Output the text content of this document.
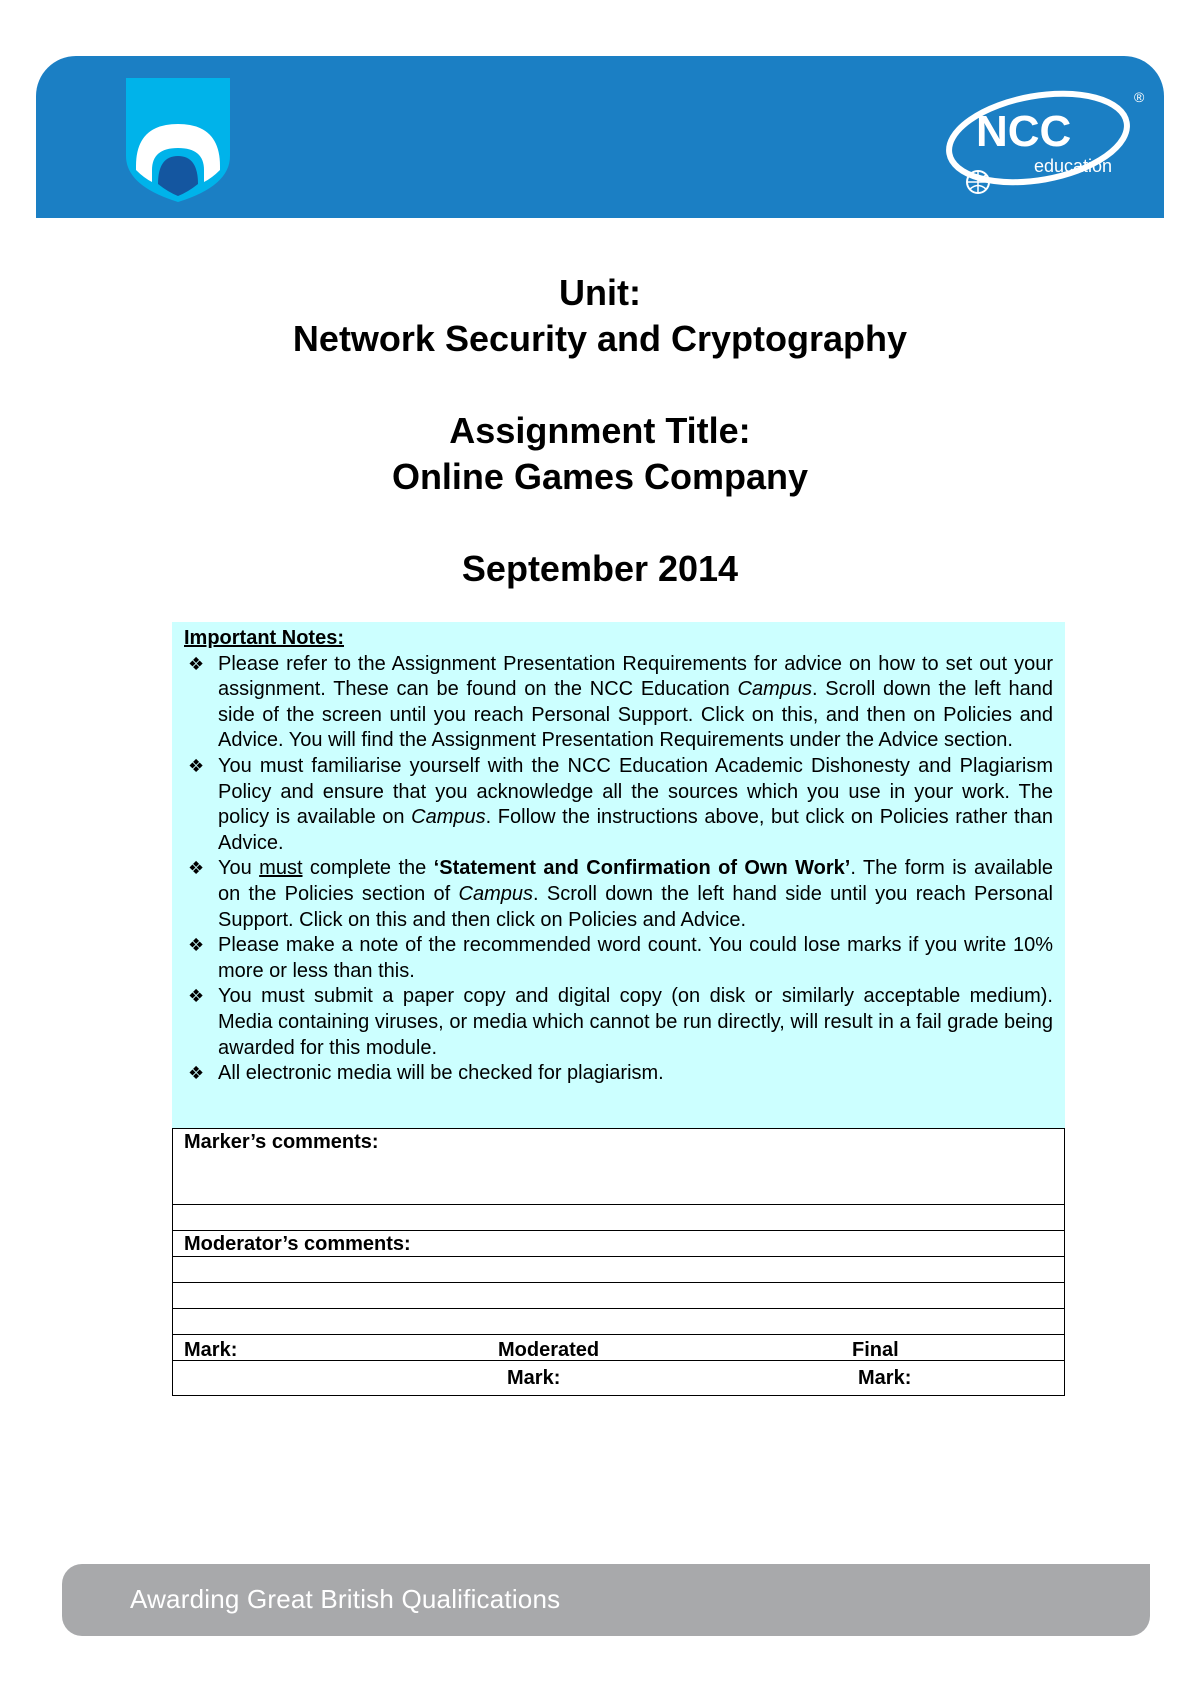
NCC
education
®
Unit:
Network Security and Cryptography
Assignment Title:
Online Games Company
September 2014
Important Notes:
❖ Please refer to the Assignment Presentation Requirements for advice on how to set out your assignment. These can be found on the NCC Education Campus. Scroll down the left hand side of the screen until you reach Personal Support. Click on this, and then on Policies and Advice. You will find the Assignment Presentation Requirements under the Advice section.
❖ You must familiarise yourself with the NCC Education Academic Dishonesty and Plagiarism Policy and ensure that you acknowledge all the sources which you use in your work. The policy is available on Campus. Follow the instructions above, but click on Policies rather than Advice.
❖ You must complete the ‘Statement and Confirmation of Own Work’. The form is available on the Policies section of Campus. Scroll down the left hand side until you reach Personal Support. Click on this and then click on Policies and Advice.
❖ Please make a note of the recommended word count. You could lose marks if you write 10% more or less than this.
❖ You must submit a paper copy and digital copy (on disk or similarly acceptable medium). Media containing viruses, or media which cannot be run directly, will result in a fail grade being awarded for this module.
❖ All electronic media will be checked for plagiarism.
Marker’s comments:
Moderator’s comments:
Mark:	Moderated
Mark:
Final
Mark:
Awarding Great British Qualifications
